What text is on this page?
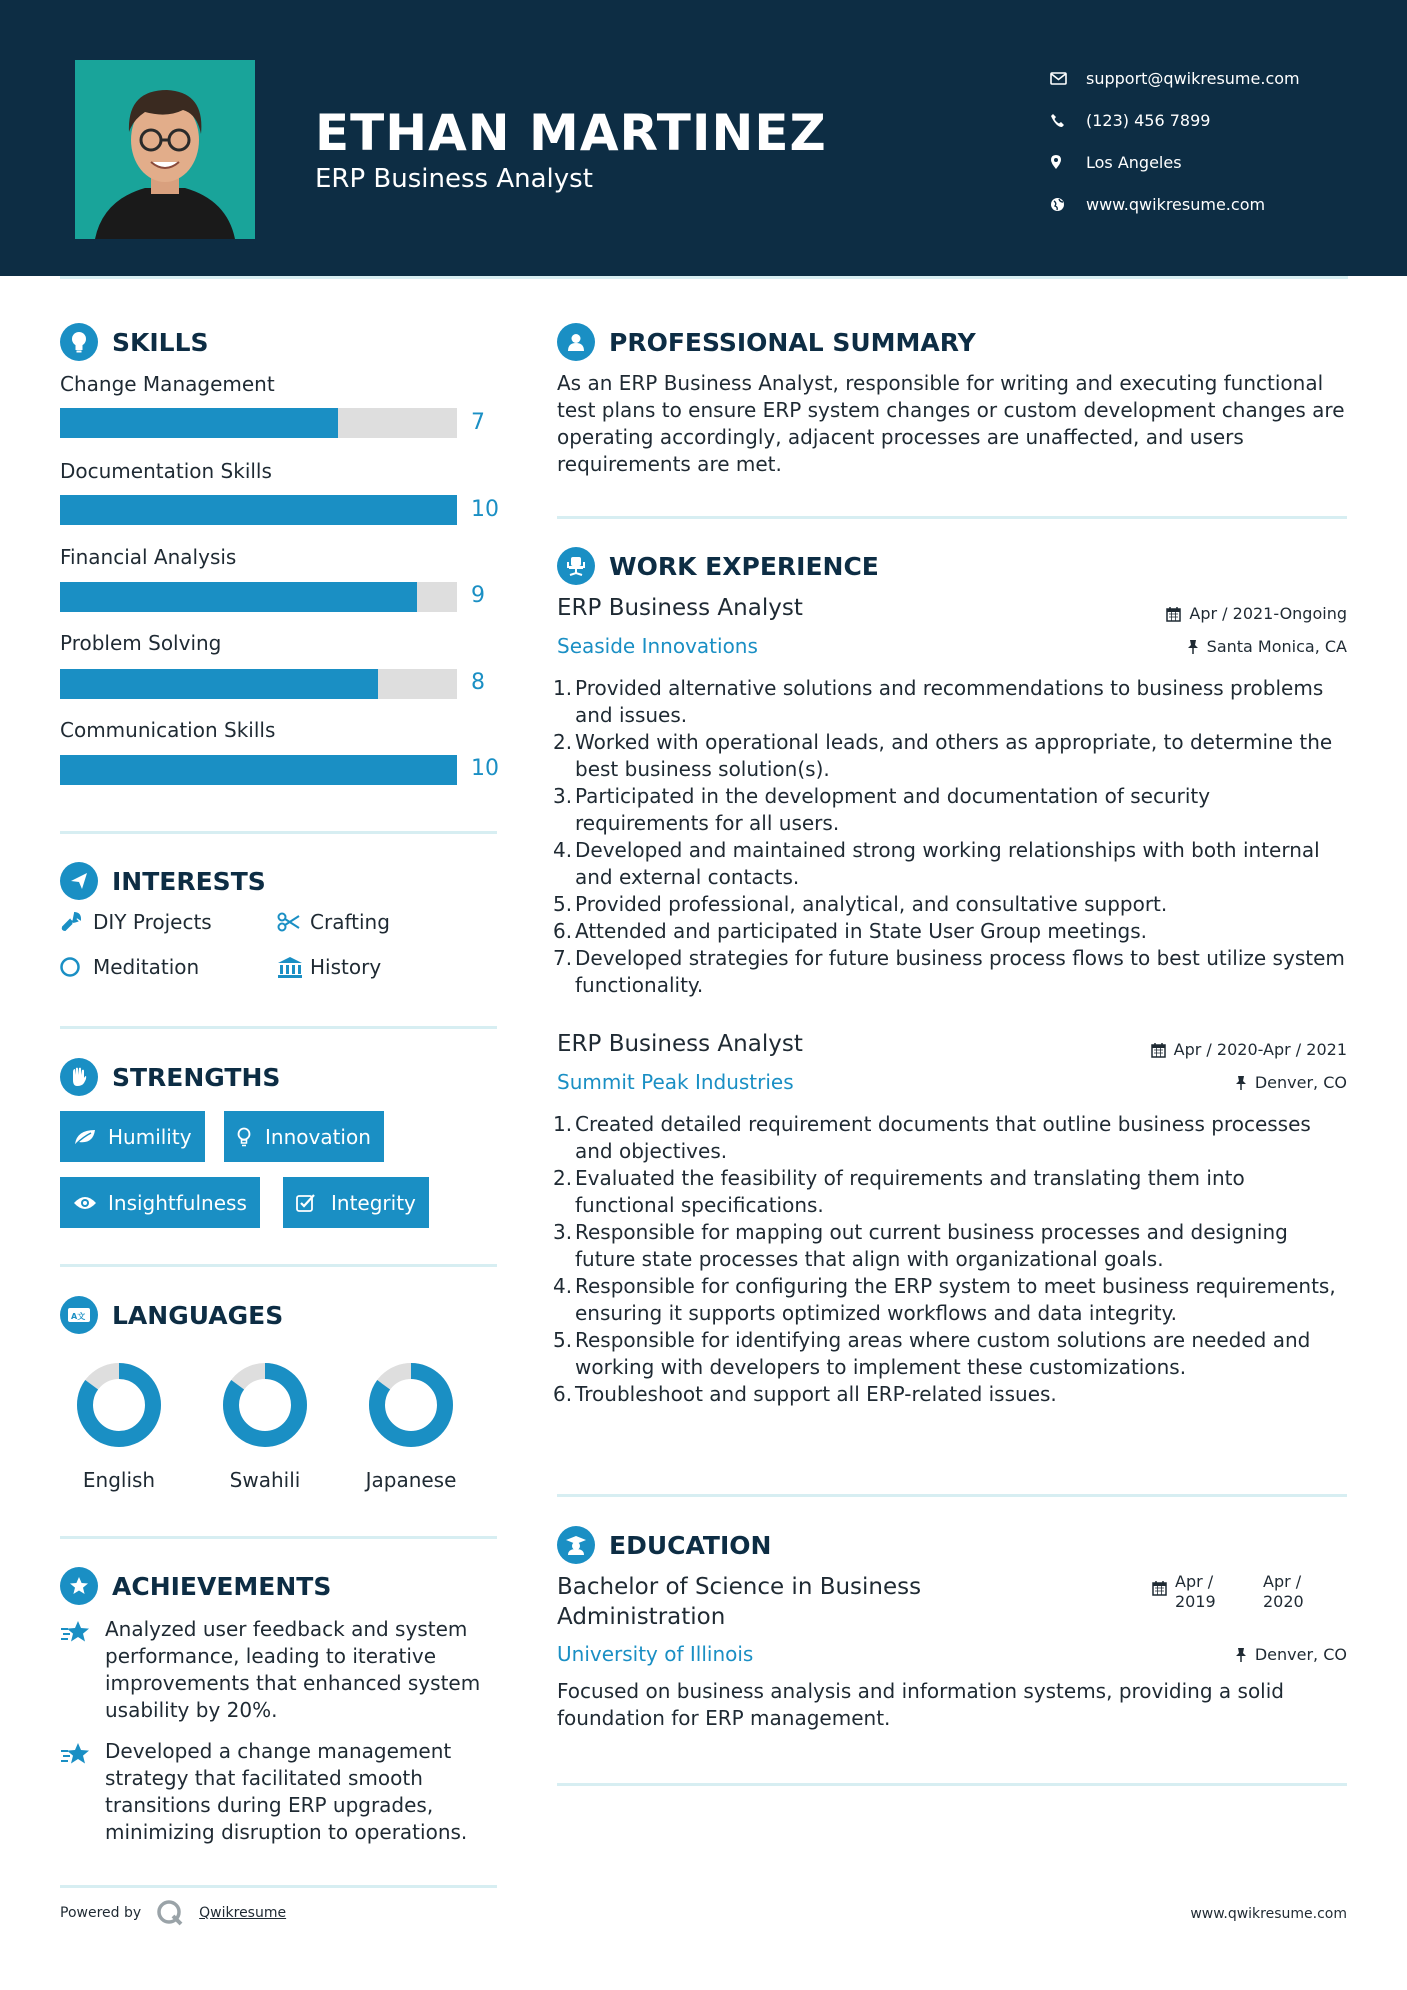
ETHAN MARTINEZ
ERP Business Analyst
support@qwikresume.com
(123) 456 7899
Los Angeles
www.qwikresume.com
SKILLS
Change Management
7
Documentation Skills
10
Financial Analysis
9
Problem Solving
8
Communication Skills
10
INTERESTS
DIY Projects	Crafting
Meditation	History
STRENGTHS
Humility	Innovation
Insightfulness	Integrity
A文 LANGUAGES
English	Swahili	Japanese
ACHIEVEMENTS
Analyzed user feedback and system performance, leading to iterative improvements that enhanced system usability by 20%.
Developed a change management strategy that facilitated smooth transitions during ERP upgrades, minimizing disruption to operations.
PROFESSIONAL SUMMARY
As an ERP Business Analyst, responsible for writing and executing functional test plans to ensure ERP system changes or custom development changes are operating accordingly, adjacent processes are unaffected, and users requirements are met.
WORK EXPERIENCE
ERP Business Analyst	Apr / 2021-Ongoing
Seaside Innovations	Santa Monica, CA
1. Provided alternative solutions and recommendations to business problems and issues.
2. Worked with operational leads, and others as appropriate, to determine the best business solution(s).
3. Participated in the development and documentation of security requirements for all users.
4. Developed and maintained strong working relationships with both internal and external contacts.
5. Provided professional, analytical, and consultative support.
6. Attended and participated in State User Group meetings.
7. Developed strategies for future business process flows to best utilize system functionality.
ERP Business Analyst	Apr / 2020-Apr / 2021
Summit Peak Industries	Denver, CO
1. Created detailed requirement documents that outline business processes and objectives.
2. Evaluated the feasibility of requirements and translating them into functional specifications.
3. Responsible for mapping out current business processes and designing future state processes that align with organizational goals.
4. Responsible for configuring the ERP system to meet business requirements, ensuring it supports optimized workflows and data integrity.
5. Responsible for identifying areas where custom solutions are needed and working with developers to implement these customizations.
6. Troubleshoot and support all ERP-related issues.
EDUCATION
Bachelor of Science in Business Administration
Apr / 2019
Apr / 2020
University of Illinois	Denver, CO
Focused on business analysis and information systems, providing a solid foundation for ERP management.
Powered by	Qwikresume	www.qwikresume.com
